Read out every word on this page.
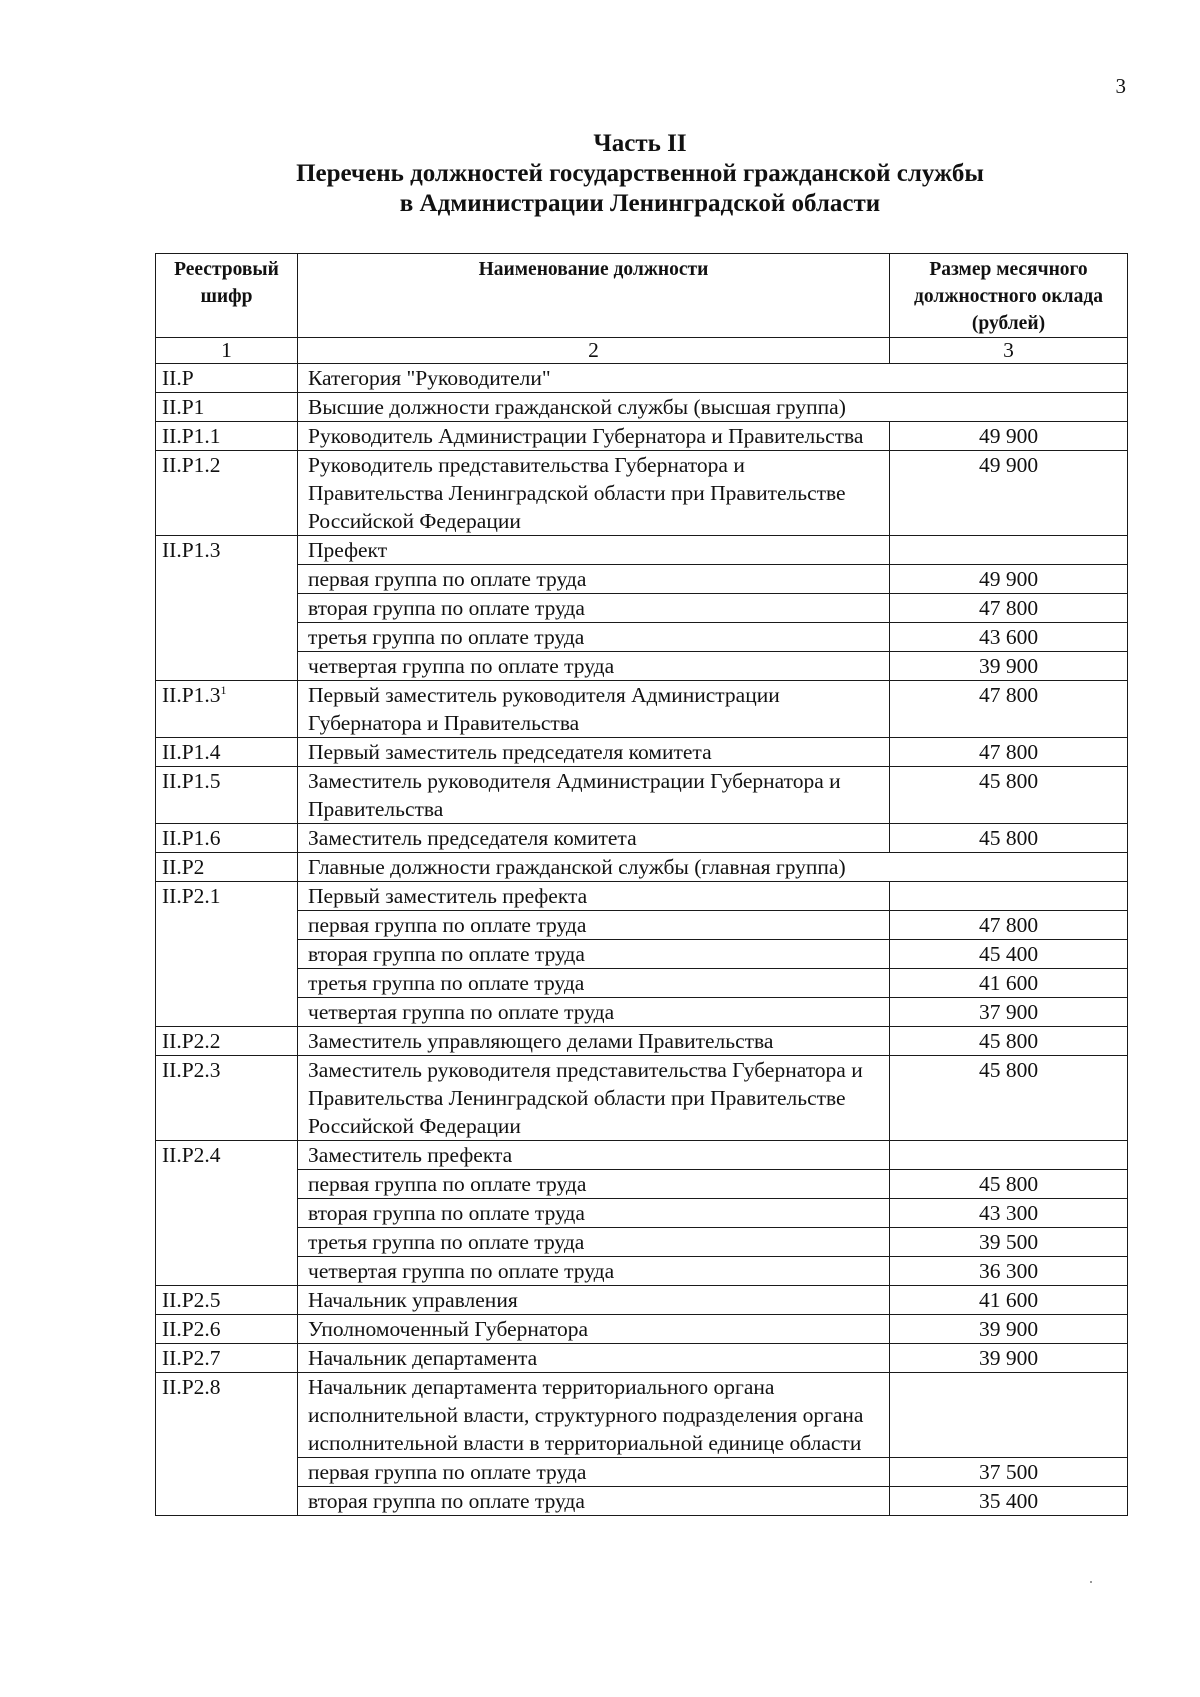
3
Часть II
Перечень должностей государственной гражданской службы
в Администрации Ленинградской области
Реестровый шифр	Наименование должности	Размер месячного должностного оклада (рублей)
1	2	3
II.Р	Категория "Руководители"	
II.Р1	Высшие должности гражданской службы (высшая группа)	
II.Р1.1	Руководитель Администрации Губернатора и Правительства	49 900
II.Р1.2	Руководитель представительства Губернатора и Правительства Ленинградской области при Правительстве Российской Федерации	49 900
II.Р1.3	Префект	
	первая группа по оплате труда	49 900
	вторая группа по оплате труда	47 800
	третья группа по оплате труда	43 600
	четвертая группа по оплате труда	39 900
$II.Р1.3^1$	Первый заместитель руководителя Администрации Губернатора и Правительства	47 800
II.Р1.4	Первый заместитель председателя комитета	47 800
II.Р1.5	Заместитель руководителя Администрации Губернатора и Правительства	45 800
II.Р1.6	Заместитель председателя комитета	45 800
II.Р2	Главные должности гражданской службы (главная группа)	
II.Р2.1	Первый заместитель префекта	
	первая группа по оплате труда	47 800
	вторая группа по оплате труда	45 400
	третья группа по оплате труда	41 600
	четвертая группа по оплате труда	37 900
II.Р2.2	Заместитель управляющего делами Правительства	45 800
II.Р2.3	Заместитель руководителя представительства Губернатора и Правительства Ленинградской области при Правительстве Российской Федерации	45 800
II.Р2.4	Заместитель префекта	
	первая группа по оплате труда	45 800
	вторая группа по оплате труда	43 300
	третья группа по оплате труда	39 500
	четвертая группа по оплате труда	36 300
II.Р2.5	Начальник управления	41 600
II.Р2.6	Уполномоченный Губернатора	39 900
II.Р2.7	Начальник департамента	39 900
II.Р2.8	Начальник департамента территориального органа исполнительной власти, структурного подразделения органа исполнительной власти в территориальной единице области	
	первая группа по оплате труда	37 500
	вторая группа по оплате труда	35 400
